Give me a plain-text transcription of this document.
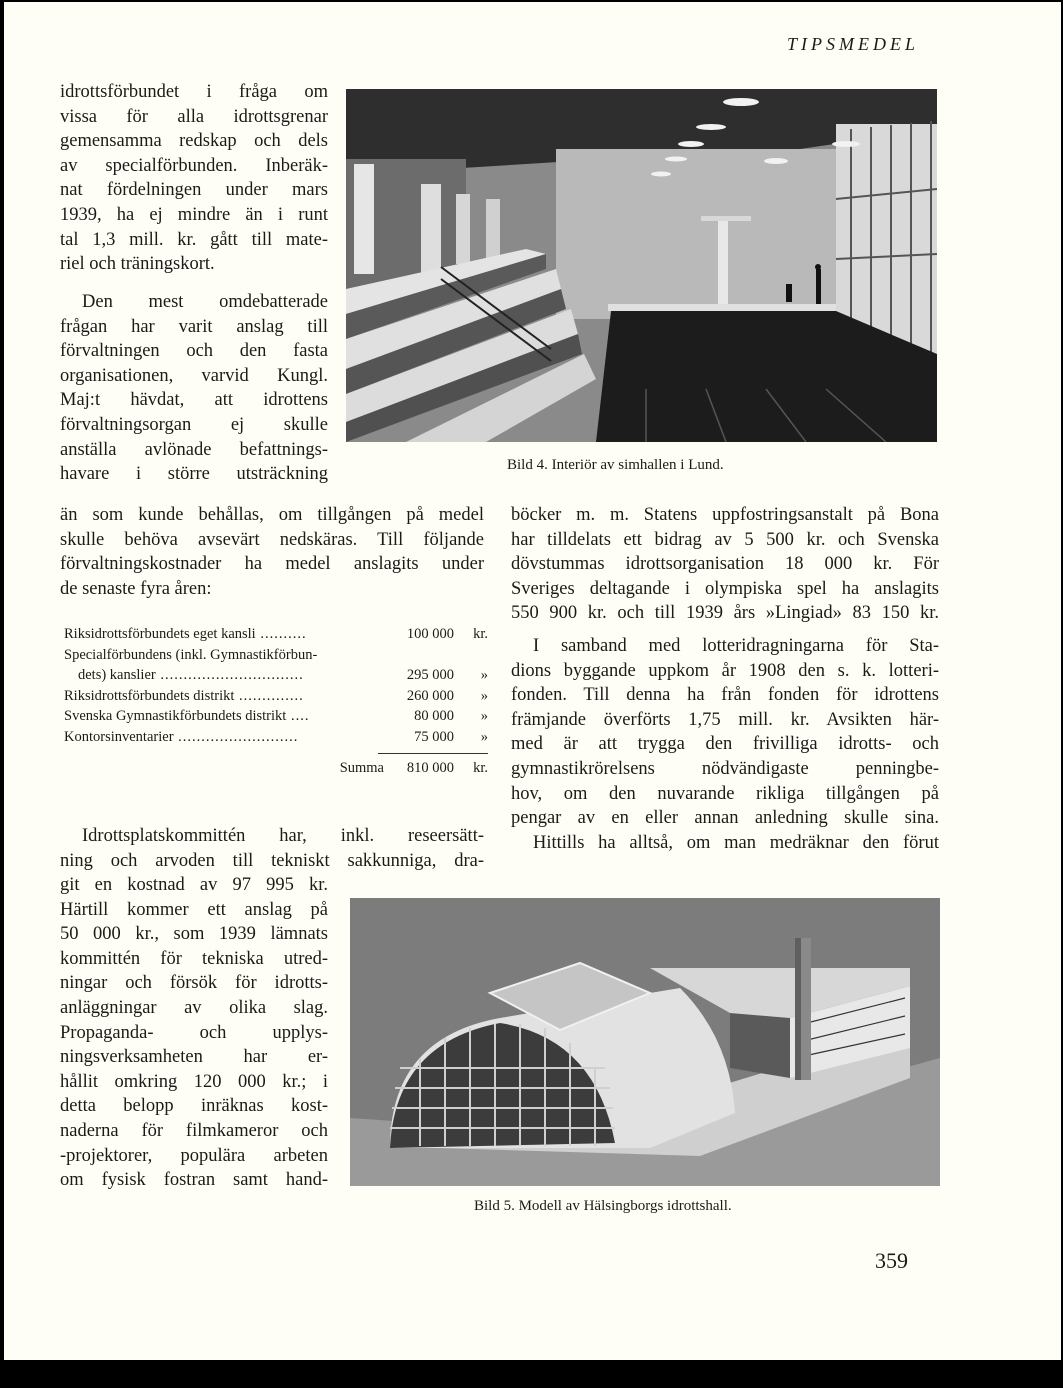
TIPSMEDEL
idrottsförbundet i fråga om
vissa för alla idrottsgrenar
gemensamma redskap och dels
av specialförbunden. Inberäk-
nat fördelningen under mars
1939, ha ej mindre än i runt
tal 1,3 mill. kr. gått till mate-
riel och träningskort.
Den mest omdebatterade
frågan har varit anslag till
förvaltningen och den fasta
organisationen, varvid Kungl.
Maj:t hävdat, att idrottens
förvaltningsorgan ej skulle
anställa avlönade befattnings-
havare i större utsträckning
än som kunde behållas, om tillgången på medel
skulle behöva avsevärt nedskäras. Till följande
förvaltningskostnader ha medel anslagits under
de senaste fyra åren:
Riksidrottsförbundets eget kansli ..........	100 000	kr.
Specialförbundens (inkl. Gymnastikförbun-
dets) kanslier ...............................	295 000	»
Riksidrottsförbundets distrikt ..............	260 000	»
Svenska Gymnastikförbundets distrikt ....	80 000	»
Kontorsinventarier ..........................	75 000	»
Summa	810 000	kr.
Idrottsplatskommittén har, inkl. reseersätt-
ning och arvoden till tekniskt sakkunniga, dra-
git en kostnad av 97 995 kr.
Härtill kommer ett anslag på
50 000 kr., som 1939 lämnats
kommittén för tekniska utred-
ningar och försök för idrotts-
anläggningar av olika slag.
Propaganda- och upplys-
ningsverksamheten har er-
hållit omkring 120 000 kr.; i
detta belopp inräknas kost-
naderna för filmkameror och
-projektorer, populära arbeten
om fysisk fostran samt hand-
böcker m. m. Statens uppfostringsanstalt på Bona
har tilldelats ett bidrag av 5 500 kr. och Svenska
dövstummas idrottsorganisation 18 000 kr. För
Sveriges deltagande i olympiska spel ha anslagits
550 900 kr. och till 1939 års »Lingiad» 83 150 kr.
I samband med lotteridragningarna för Sta-
dions byggande uppkom år 1908 den s. k. lotteri-
fonden. Till denna ha från fonden för idrottens
främjande överförts 1,75 mill. kr. Avsikten här-
med är att trygga den frivilliga idrotts- och
gymnastikrörelsens nödvändigaste penningbe-
hov, om den nuvarande rikliga tillgången på
pengar av en eller annan anledning skulle sina.
Hittills ha alltså, om man medräknar den förut
Bild 4. Interiör av simhallen i Lund.
Bild 5. Modell av Hälsingborgs idrottshall.
359
